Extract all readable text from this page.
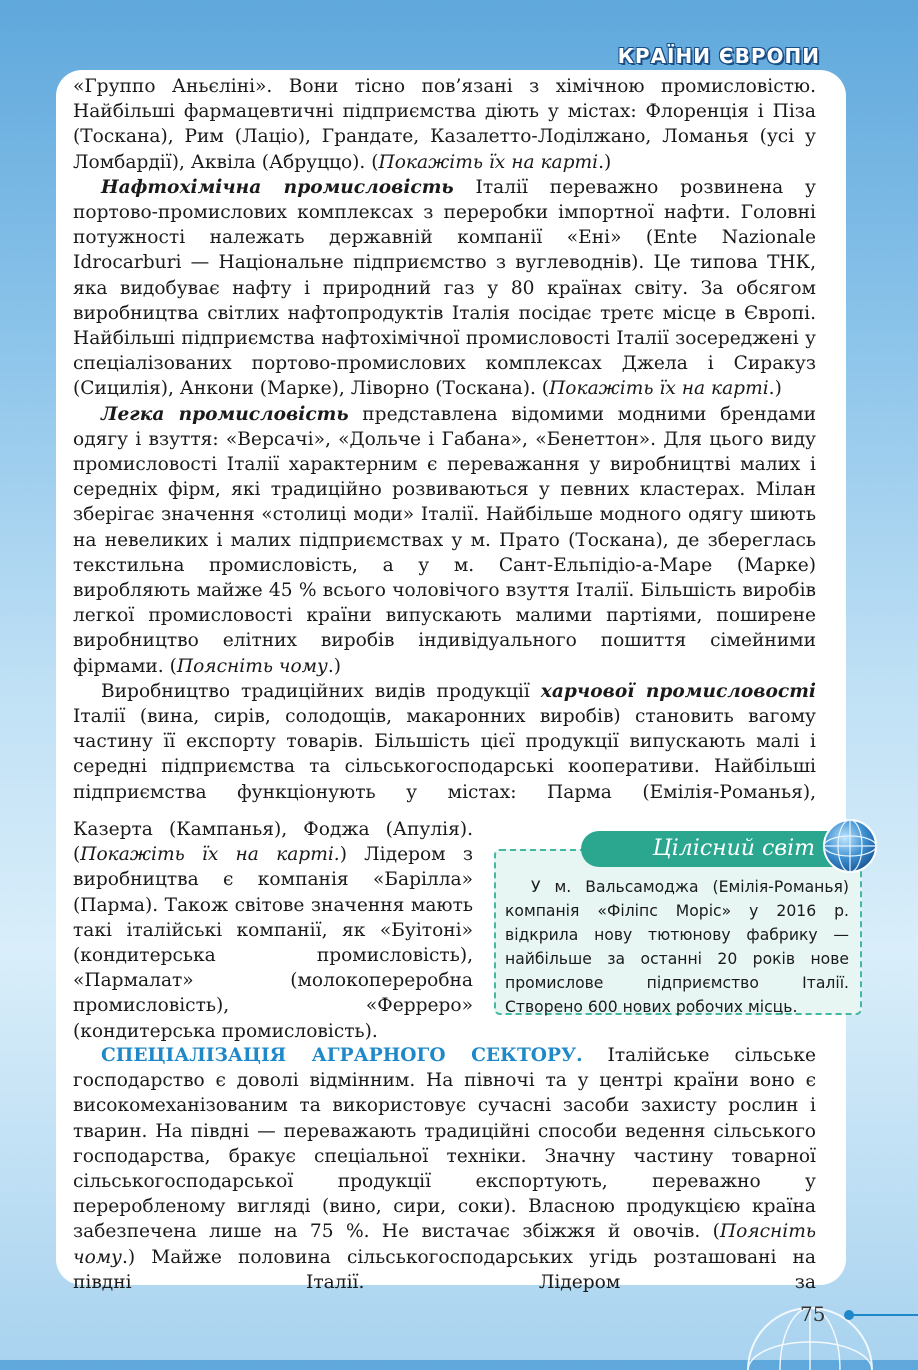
КРАЇНИ ЄВРОПИ

«Группо Аньєліні». Вони тісно пов’язані з хімічною промисловістю. Найбільші фармацевтичні підприємства діють у містах: Флоренція і Піза (Тоскана), Рим (Лаціо), Грандате, Казалетто-Лоділжано, Ломанья (усі у Ломбардії), Аквіла (Абруццо). (Покажіть їх на карті.)

Нафтохімічна промисловість Італії переважно розвинена у портово-промислових комплексах з переробки імпортної нафти. Головні потужності належать державній компанії «Ені» (Ente Nazionale Idrocarburi — Національне підприємство з вуглеводнів). Це типова ТНК, яка видобуває нафту і природний газ у 80 країнах світу. За обсягом виробництва світлих нафтопродуктів Італія посідає третє місце в Європі. Найбільші підприємства нафтохімічної промисловості Італії зосереджені у спеціалізованих портово-промислових комплексах Джела і Сиракуз (Сицилія), Анкони (Марке), Ліворно (Тоскана). (Покажіть їх на карті.)

Легка промисловість представлена відомими модними брендами одягу і взуття: «Версачі», «Дольче і Габана», «Бенеттон». Для цього виду промисловості Італії характерним є переважання у виробництві малих і середніх фірм, які традиційно розвиваються у певних кластерах. Мілан зберігає значення «столиці моди» Італії. Найбільше модного одягу шиють на невеликих і малих підприємствах у м. Прато (Тоскана), де збереглась текстильна промисловість, а у м. Сант-Ельпідіо-а-Маре (Марке) виробляють майже 45 % всього чоловічого взуття Італії. Більшість виробів легкої промисловості країни випускають малими партіями, поширене виробництво елітних виробів індивідуального пошиття сімейними фірмами. (Поясніть чому.)

Виробництво традиційних видів продукції харчової промисловості Італії (вина, сирів, солодощів, макаронних виробів) становить вагому частину її експорту товарів. Більшість цієї продукції випускають малі і середні підприємства та сільськогосподарські кооперативи. Найбільші підприємства функціонують у містах: Парма (Емілія-Романья),

Казерта (Кампанья), Фоджа (Апулія). (Покажіть їх на карті.) Лідером з виробництва є компанія «Барілла» (Парма). Також світове значення мають такі італійські компанії, як «Буітоні» (кондитерська промисловість), «Пармалат» (молокопереробна промисловість), «Ферреро» (кондитерська промисловість).

Цілісний світ

У м. Вальсамоджа (Емілія-Романья) компанія «Філіпс Моріс» у 2016 р. відкрила нову тютюнову фабрику — найбільше за останні 20 років нове промислове підприємство Італії. Створено 600 нових робочих місць.

СПЕЦІАЛІЗАЦІЯ АГРАРНОГО СЕКТОРУ. Італійське сільське господарство є доволі відмінним. На півночі та у центрі країни воно є високомеханізованим та використовує сучасні засоби захисту рослин і тварин. На півдні — переважають традиційні способи ведення сільського господарства, бракує спеціальної техніки. Значну частину товарної сільськогосподарської продукції експортують, переважно у переробленому вигляді (вино, сири, соки). Власною продукцією країна забезпечена лише на 75 %. Не вистачає збіжжя й овочів. (Поясніть чому.) Майже половина сільськогосподарських угідь розташовані на півдні Італії. Лідером за

75
